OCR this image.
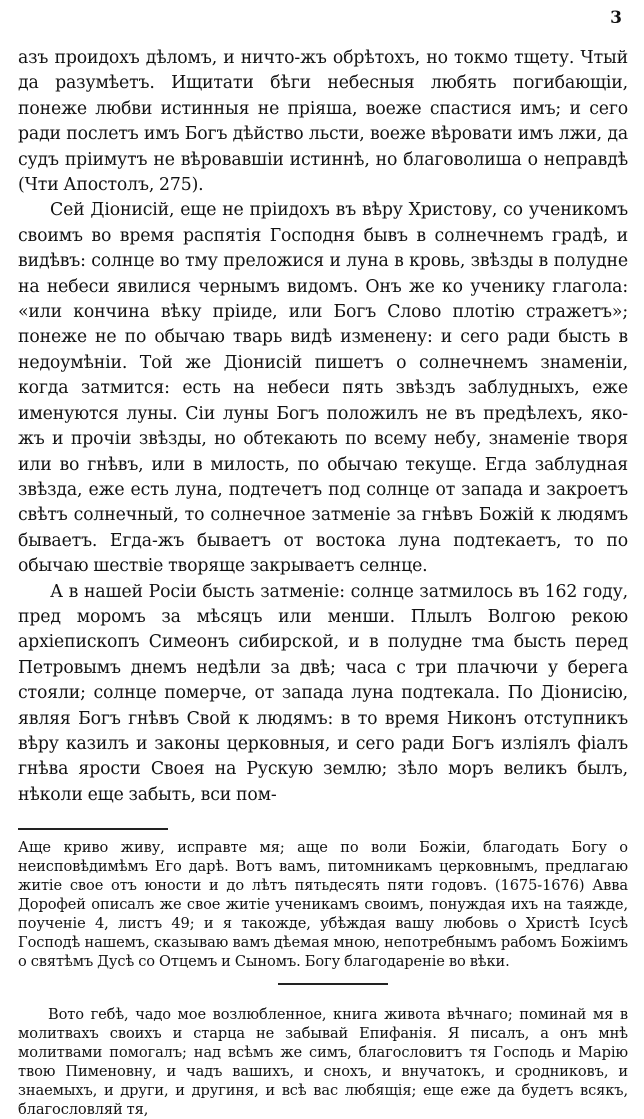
3

азъ проидохъ дѣломъ, и ничто-жъ обрѣтохъ, но токмо тщету. Чтый да разумѣетъ. Ищитати бѣги небесныя любять погибающіи, понеже любви истинныя не пріяша, воеже спастися имъ; и сего ради послетъ имъ Богъ дѣйство льсти, воеже вѣровати имъ лжи, да судъ пріимутъ не вѣровавшіи истиннѣ, но благоволиша о неправдѣ (Чти Апостолъ, 275).

Сей Діонисій, еще не пріидохъ въ вѣру Христову, со ученикомъ своимъ во время распятія Господня бывъ в солнечнемъ градѣ, и видѣвъ: солнце во тму преложися и луна в кровь, звѣзды в полудне на небеси явилися чернымъ видомъ. Онъ же ко ученику глагола: «или кончина вѣку пріиде, или Богъ Слово плотію стражетъ»; понеже не по обычаю тварь видѣ изменену: и сего ради бысть в недоумѣніи. Той же Діонисій пишетъ о солнечнемъ знаменіи, когда затмится: есть на небеси пять звѣздъ заблудныхъ, еже именуются луны. Сіи луны Богъ положилъ не въ предѣлехъ, яко-жъ и прочіи звѣзды, но обтекають по всему небу, знаменіе творя или во гнѣвъ, или в милость, по обычаю текуще. Егда заблудная звѣзда, еже есть луна, подтечетъ под солнце от запада и закроетъ свѣтъ солнечный, то солнечное затменіе за гнѣвъ Божій к людямъ бываетъ. Егда-жъ бываетъ от востока луна подтекаетъ, то по обычаю шествіе творяще закрываетъ селнце.

А в нашей Росіи бысть затменіе: солнце затмилось въ 162 году, пред моромъ за мѣсяцъ или менши. Плылъ Волгою рекою архіепископъ Симеонъ сибирской, и в полудне тма бысть перед Петровымъ днемъ недѣли за двѣ; часа с три плачючи у берега стояли; солнце померче, от запада луна подтекала. По Діонисію, являя Богъ гнѣвъ Свой к людямъ: в то время Никонъ отступникъ вѣру казилъ и законы церковныя, и сего ради Богъ изліялъ фіалъ гнѣва ярости Своея на Рускую землю; зѣло моръ великъ былъ, нѣколи еще забыть, вси пом-

Аще криво живу, исправте мя; аще по воли Божіи, благодать Богу о неисповѣдимѣмъ Его дарѣ. Вотъ вамъ, питомникамъ церковнымъ, предлагаю житіе свое отъ юности и до лѣтъ пятьдесять пяти годовъ. (1675-1676) Авва Дорофей описалъ же свое житіе ученикамъ своимъ, понуждая ихъ на таяжде, поученіе 4, листъ 49; и я такожде, убѣждая вашу любовь о Христѣ Iсусѣ Господѣ нашемъ, сказываю вамъ дѣемая мною, непотребнымъ рабомъ Божіимъ о святѣмъ Дусѣ со Отцемъ и Сыномъ. Богу благодареніе во вѣки.

Вото гебѣ, чадо мое возлюбленное, книга живота вѣчнаго; поминай мя в молитвахъ своихъ и старца не забывай Епифанія. Я писалъ, а онъ мнѣ молитвами помогалъ; над всѣмъ же симъ, благословитъ тя Господь и Марію твою Пименовну, и чадъ вашихъ, и снохъ, и внучатокъ, и сродниковъ, и знаемыхъ, и други, и другиня, и всѣ вас любящія; еще еже да будетъ всякъ, благословляй тя,
